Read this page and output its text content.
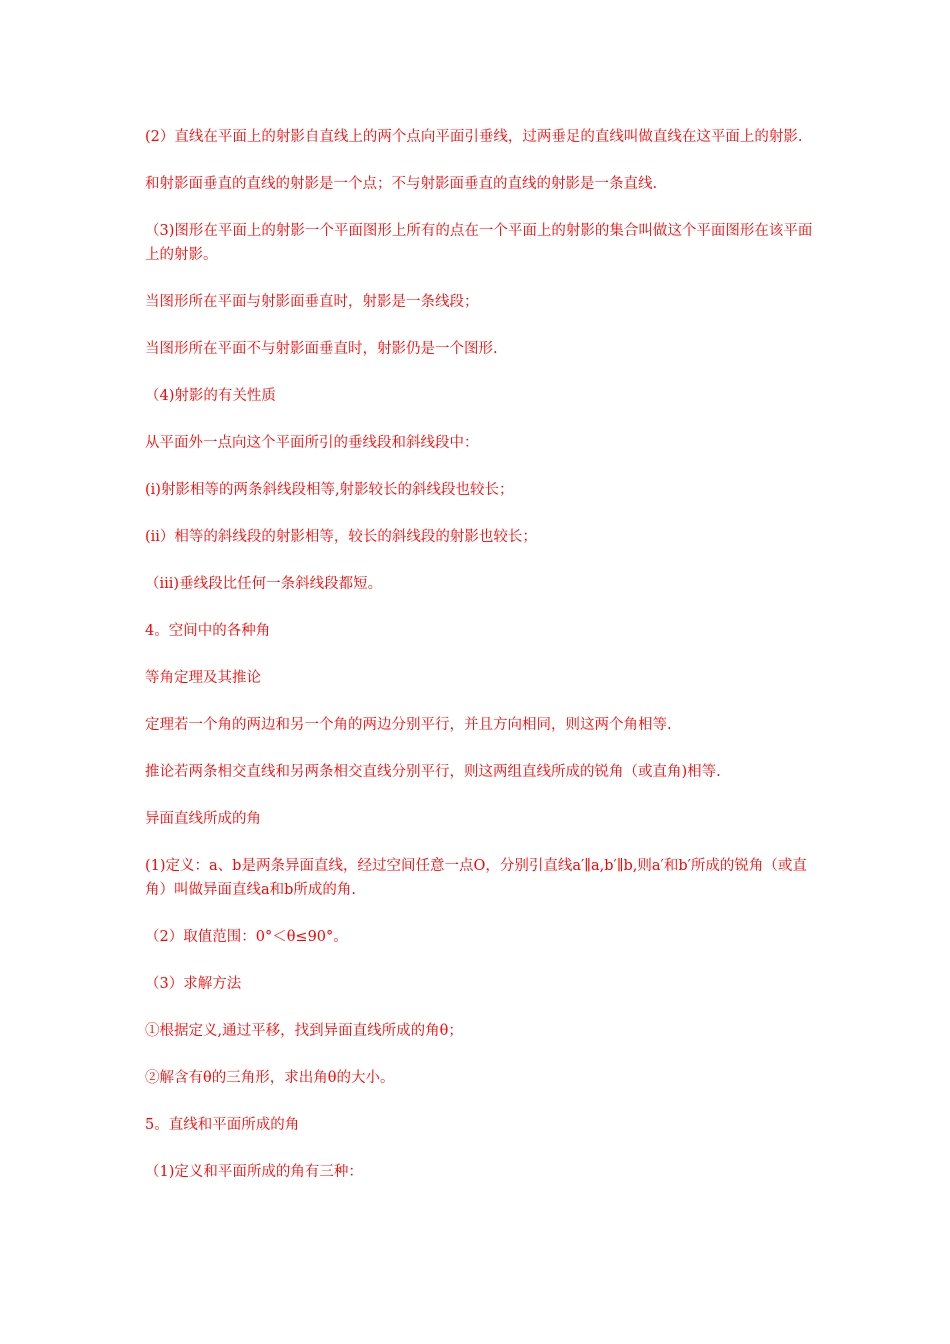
(2）直线在平面上的射影自直线上的两个点向平面引垂线，过两垂足的直线叫做直线在这平面上的射影.

和射影面垂直的直线的射影是一个点；不与射影面垂直的直线的射影是一条直线.

（3)图形在平面上的射影一个平面图形上所有的点在一个平面上的射影的集合叫做这个平面图形在该平面上的射影。

当图形所在平面与射影面垂直时，射影是一条线段；

当图形所在平面不与射影面垂直时，射影仍是一个图形.

（4)射影的有关性质

从平面外一点向这个平面所引的垂线段和斜线段中：

(i)射影相等的两条斜线段相等,射影较长的斜线段也较长；

(ii）相等的斜线段的射影相等，较长的斜线段的射影也较长；

（iii)垂线段比任何一条斜线段都短。

4。空间中的各种角

等角定理及其推论

定理若一个角的两边和另一个角的两边分别平行，并且方向相同，则这两个角相等.

推论若两条相交直线和另两条相交直线分别平行，则这两组直线所成的锐角（或直角)相等.

异面直线所成的角

(1)定义：a、b是两条异面直线，经过空间任意一点O，分别引直线a′∥a,b′∥b,则a′和b′所成的锐角（或直角）叫做异面直线a和b所成的角.

（2）取值范围：0°＜θ≤90°。

（3）求解方法

①根据定义,通过平移，找到异面直线所成的角θ；

②解含有θ的三角形，求出角θ的大小。

5。直线和平面所成的角

（1)定义和平面所成的角有三种：
